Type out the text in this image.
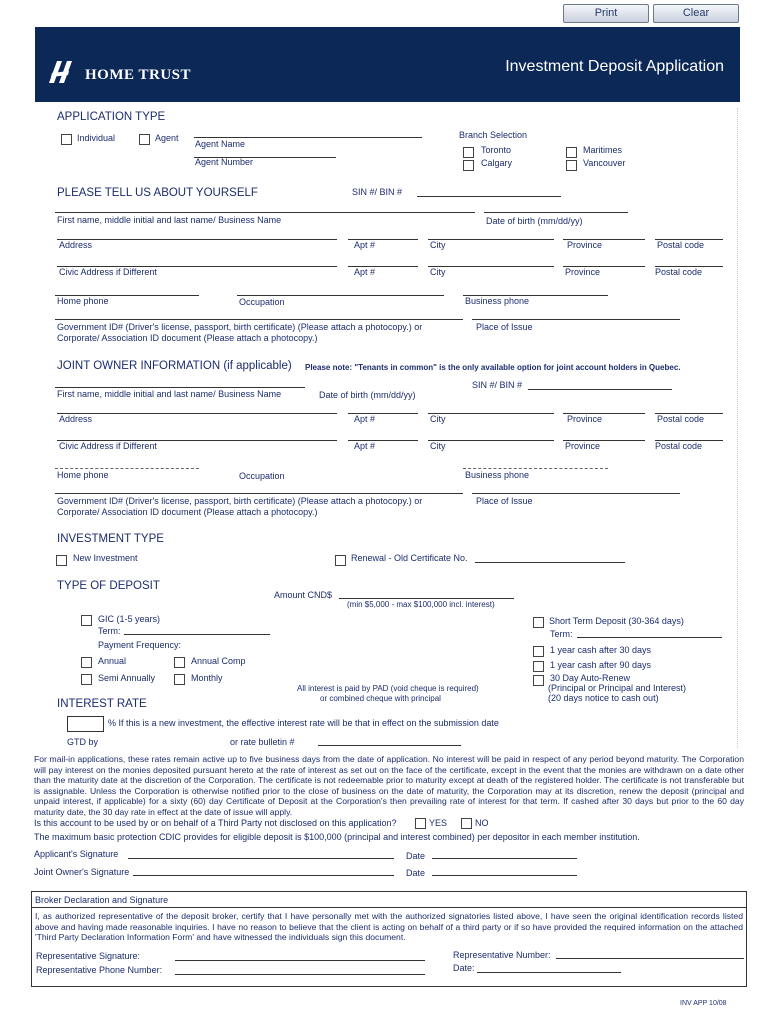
Print	Clear
HOME TRUST	Investment Deposit Application
APPLICATION TYPE
Individual	Agent
Agent Name
Agent Number
Branch Selection
Toronto
Calgary
Maritimes
Vancouver
PLEASE TELL US ABOUT YOURSELF	SIN #/ BIN #
First name, middle initial and last name/ Business Name	Date of birth (mm/dd/yy)
Address	Apt #	City	Province	Postal code
Civic Address if Different	Apt #	City	Province	Postal code
Home phone	Occupation	Business phone
Government ID# (Driver's license, passport, birth certificate) (Please attach a photocopy.) or
Corporate/ Association ID document (Please attach a photocopy.)
Place of Issue
JOINT OWNER INFORMATION (if applicable) Please note: "Tenants in common" is the only available option for joint account holders in Quebec.
SIN #/ BIN #
First name, middle initial and last name/ Business Name	Date of birth (mm/dd/yy)
Address	Apt #	City	Province	Postal code
Civic Address if Different	Apt #	City	Province	Postal code
Home phone	Occupation	Business phone
Government ID# (Driver's license, passport, birth certificate) (Please attach a photocopy.) or
Corporate/ Association ID document (Please attach a photocopy.)
Place of Issue
INVESTMENT TYPE
New Investment	Renewal - Old Certificate No.
TYPE OF DEPOSIT
Amount CND$
(min $5,000 - max $100,000 incl. interest)
GIC (1-5 years)
Term:
Payment Frequency:
Annual	Annual Comp
Semi Annually	Monthly
All interest is paid by PAD (void cheque is required)
or combined cheque with principal
Short Term Deposit (30-364 days)
Term:
1 year cash after 30 days
1 year cash after 90 days
30 Day Auto-Renew
(Principal or Principal and Interest)
(20 days notice to cash out)
INTEREST RATE
% If this is a new investment, the effective interest rate will be that in effect on the submission date
GTD by	or rate bulletin #
For mail-in applications, these rates remain active up to five business days from the date of application. No interest will be paid in respect of any period beyond maturity. The Corporation will pay interest on the monies deposited pursuant hereto at the rate of interest as set out on the face of the certificate, except in the event that the monies are withdrawn on a date other than the maturity date at the discretion of the Corporation. The certificate is not redeemable prior to maturity except at death of the registered holder. The certificate is not transferable but is assignable. Unless the Corporation is otherwise notified prior to the close of business on the date of maturity, the Corporation may at its discretion, renew the deposit (principal and unpaid interest, if applicable) for a sixty (60) day Certificate of Deposit at the Corporation's then prevailing rate of interest for that term. If cashed after 30 days but prior to the 60 day maturity date, the 30 day rate in effect at the date of issue will apply.
Is this account to be used by or on behalf of a Third Party not disclosed on this application?	YES	NO
The maximum basic protection CDIC provides for eligible deposit is $100,000 (principal and interest combined) per depositor in each member institution.
Applicant's Signature	Date
Joint Owner's Signature	Date
Broker Declaration and Signature
I, as authorized representative of the deposit broker, certify that I have personally met with the authorized signatories listed above, I have seen the original identification records listed above and having made reasonable inquiries. I have no reason to believe that the client is acting on behalf of a third party or if so have provided the required information on the attached 'Third Party Declaration Information Form' and have witnessed the individuals sign this document.
Representative Signature:
Representative Phone Number:
Representative Number:
Date:
INV APP 10/08
